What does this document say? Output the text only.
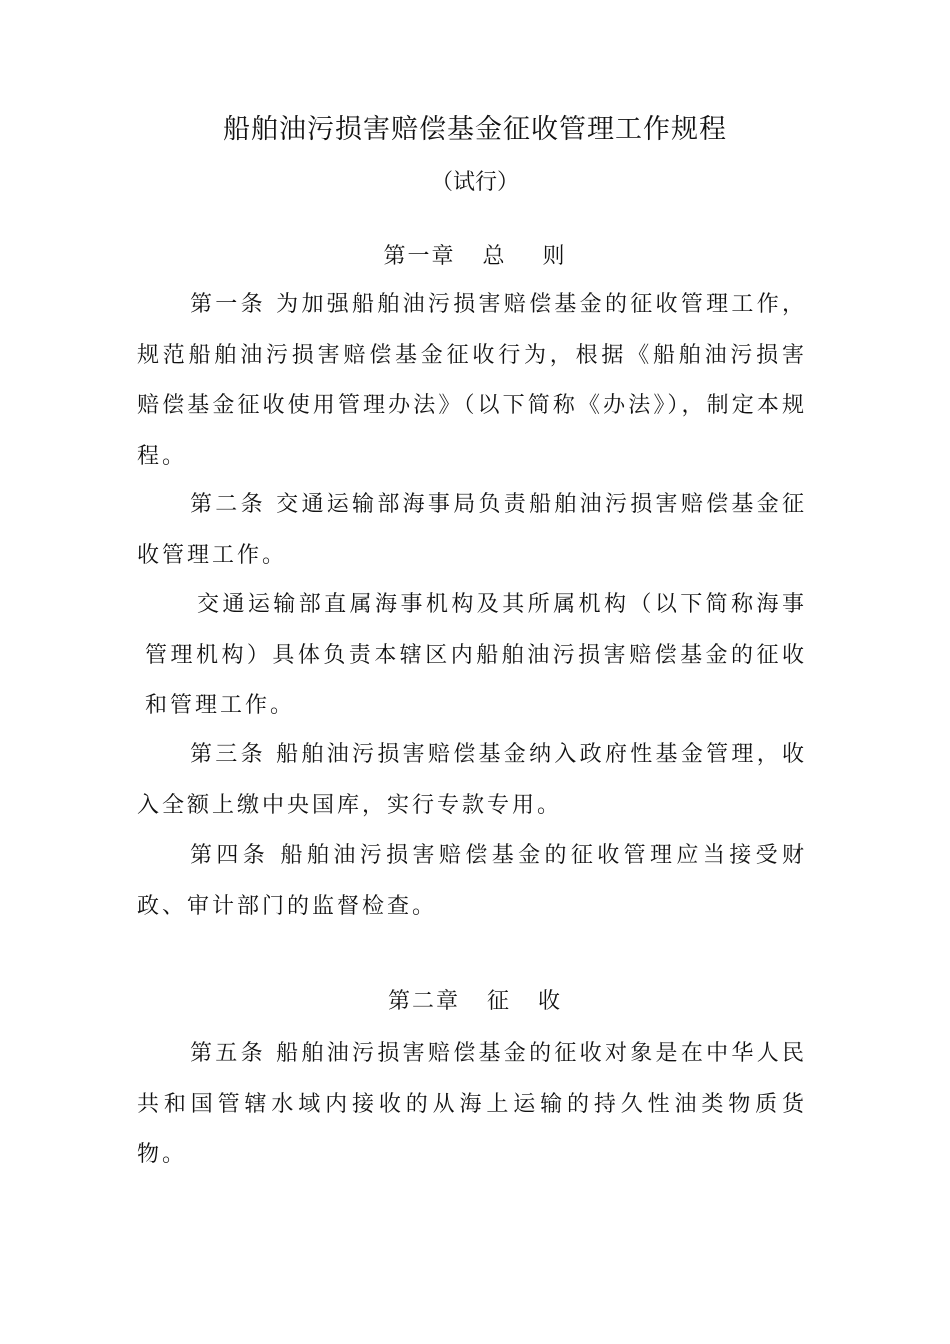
船舶油污损害赔偿基金征收管理工作规程
（试行）
第一章   总    则

第一条 为加强船舶油污损害赔偿基金的征收管理工作，规范船舶油污损害赔偿基金征收行为，根据《船舶油污损害赔偿基金征收使用管理办法》（以下简称《办法》），制定本规程。

第二条 交通运输部海事局负责船舶油污损害赔偿基金征收管理工作。

交通运输部直属海事机构及其所属机构（以下简称海事管理机构）具体负责本辖区内船舶油污损害赔偿基金的征收和管理工作。

第三条 船舶油污损害赔偿基金纳入政府性基金管理，收入全额上缴中央国库，实行专款专用。

第四条 船舶油污损害赔偿基金的征收管理应当接受财政、审计部门的监督检查。

第二章   征   收

第五条 船舶油污损害赔偿基金的征收对象是在中华人民共和国管辖水域内接收的从海上运输的持久性油类物质货物。
